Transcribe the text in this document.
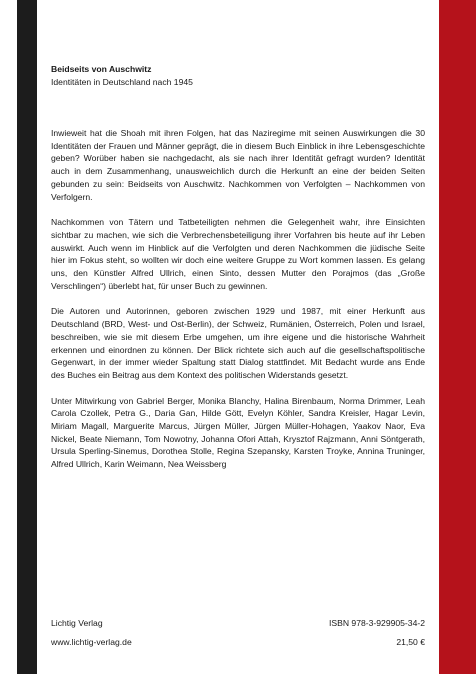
Beidseits von Auschwitz

Identitäten in Deutschland nach 1945

Inwieweit hat die Shoah mit ihren Folgen, hat das Naziregime mit seinen Auswirkungen die 30 Identitäten der Frauen und Männer geprägt, die in diesem Buch Einblick in ihre Lebensgeschichte geben? Worüber haben sie nachgedacht, als sie nach ihrer Identität gefragt wurden? Identität auch in dem Zusammenhang, unausweichlich durch die Herkunft an eine der beiden Seiten gebunden zu sein: Beidseits von Auschwitz. Nachkommen von Verfolgten – Nachkommen von Verfolgern.

Nachkommen von Tätern und Tatbeteiligten nehmen die Gelegenheit wahr, ihre Einsichten sichtbar zu machen, wie sich die Verbrechensbeteiligung ihrer Vorfahren bis heute auf ihr Leben auswirkt. Auch wenn im Hinblick auf die Verfolgten und deren Nachkommen die jüdische Seite hier im Fokus steht, so wollten wir doch eine weitere Gruppe zu Wort kommen lassen. Es gelang uns, den Künstler Alfred Ullrich, einen Sinto, dessen Mutter den Porajmos (das „Große Verschlingen“) überlebt hat, für unser Buch zu gewinnen.

Die Autoren und Autorinnen, geboren zwischen 1929 und 1987, mit einer Herkunft aus Deutschland (BRD, West- und Ost-Berlin), der Schweiz, Rumänien, Österreich, Polen und Israel, beschreiben, wie sie mit diesem Erbe umgehen, um ihre eigene und die historische Wahrheit erkennen und einordnen zu können. Der Blick richtete sich auch auf die gesellschaftspolitische Gegenwart, in der immer wieder Spaltung statt Dialog stattfindet. Mit Bedacht wurde ans Ende des Buches ein Beitrag aus dem Kontext des politischen Widerstands gesetzt.

Unter Mitwirkung von Gabriel Berger, Monika Blanchy, Halina Birenbaum, Norma Drimmer, Leah Carola Czollek, Petra G., Daria Gan, Hilde Gött, Evelyn Köhler, Sandra Kreisler, Hagar Levin, Miriam Magall, Marguerite Marcus, Jürgen Müller, Jürgen Müller-Hohagen, Yaakov Naor, Eva Nickel, Beate Niemann, Tom Nowotny, Johanna Ofori Attah, Krysztof Rajzmann, Anni Söntgerath, Ursula Sperling-Sinemus, Dorothea Stolle, Regina Szepansky, Karsten Troyke, Annina Truninger, Alfred Ullrich, Karin Weimann, Nea Weissberg

Lichtig Verlag	ISBN 978-3-929905-34-2
www.lichtig-verlag.de	21,50 €
